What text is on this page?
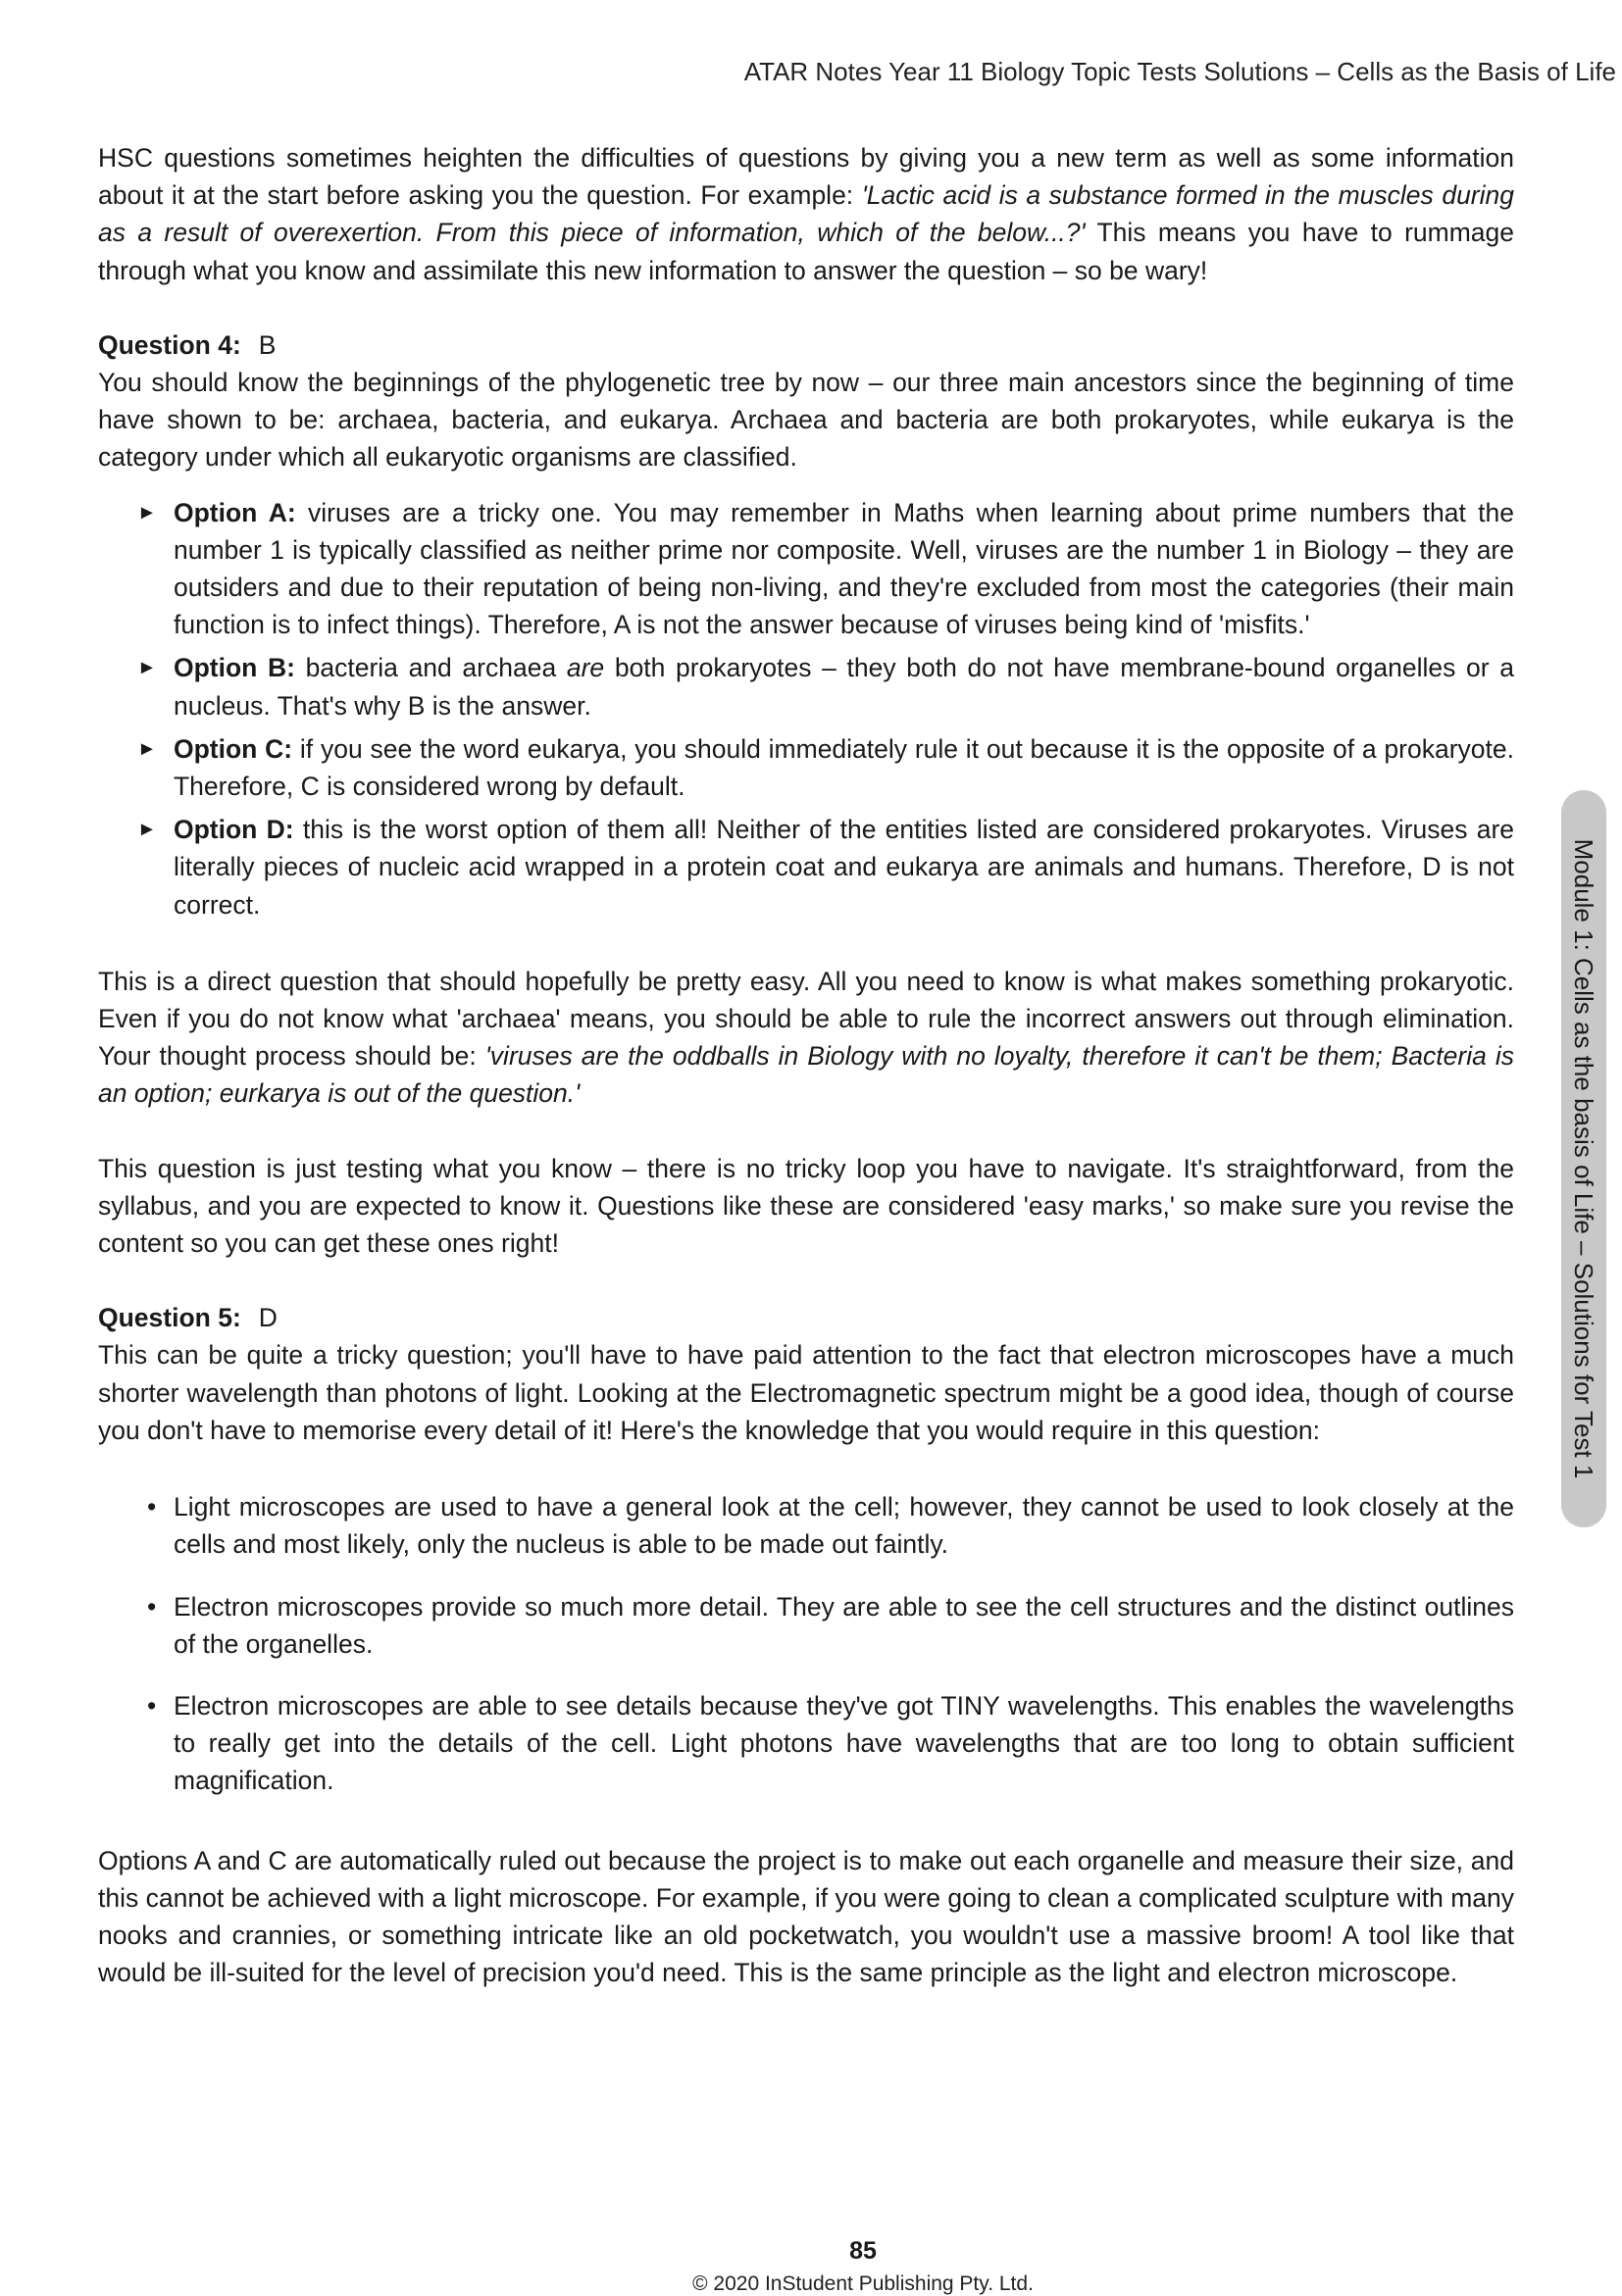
ATAR Notes Year 11 Biology Topic Tests Solutions – Cells as the Basis of Life

HSC questions sometimes heighten the difficulties of questions by giving you a new term as well as some information about it at the start before asking you the question. For example: 'Lactic acid is a substance formed in the muscles during as a result of overexertion. From this piece of information, which of the below...?' This means you have to rummage through what you know and assimilate this new information to answer the question – so be wary!

Question 4: B

You should know the beginnings of the phylogenetic tree by now – our three main ancestors since the beginning of time have shown to be: archaea, bacteria, and eukarya. Archaea and bacteria are both prokaryotes, while eukarya is the category under which all eukaryotic organisms are classified.

► Option A: viruses are a tricky one. You may remember in Maths when learning about prime numbers that the number 1 is typically classified as neither prime nor composite. Well, viruses are the number 1 in Biology – they are outsiders and due to their reputation of being non-living, and they're excluded from most the categories (their main function is to infect things). Therefore, A is not the answer because of viruses being kind of 'misfits.'
► Option B: bacteria and archaea are both prokaryotes – they both do not have membrane-bound organelles or a nucleus. That's why B is the answer.
► Option C: if you see the word eukarya, you should immediately rule it out because it is the opposite of a prokaryote. Therefore, C is considered wrong by default.
► Option D: this is the worst option of them all! Neither of the entities listed are considered prokaryotes. Viruses are literally pieces of nucleic acid wrapped in a protein coat and eukarya are animals and humans. Therefore, D is not correct.

This is a direct question that should hopefully be pretty easy. All you need to know is what makes something prokaryotic. Even if you do not know what 'archaea' means, you should be able to rule the incorrect answers out through elimination. Your thought process should be: 'viruses are the oddballs in Biology with no loyalty, therefore it can't be them; Bacteria is an option; eurkarya is out of the question.'

This question is just testing what you know – there is no tricky loop you have to navigate. It's straightforward, from the syllabus, and you are expected to know it. Questions like these are considered 'easy marks,' so make sure you revise the content so you can get these ones right!

Question 5: D

This can be quite a tricky question; you'll have to have paid attention to the fact that electron microscopes have a much shorter wavelength than photons of light. Looking at the Electromagnetic spectrum might be a good idea, though of course you don't have to memorise every detail of it! Here's the knowledge that you would require in this question:

• Light microscopes are used to have a general look at the cell; however, they cannot be used to look closely at the cells and most likely, only the nucleus is able to be made out faintly.
• Electron microscopes provide so much more detail. They are able to see the cell structures and the distinct outlines of the organelles.
• Electron microscopes are able to see details because they've got TINY wavelengths. This enables the wavelengths to really get into the details of the cell. Light photons have wavelengths that are too long to obtain sufficient magnification.

Options A and C are automatically ruled out because the project is to make out each organelle and measure their size, and this cannot be achieved with a light microscope. For example, if you were going to clean a complicated sculpture with many nooks and crannies, or something intricate like an old pocketwatch, you wouldn't use a massive broom! A tool like that would be ill-suited for the level of precision you'd need. This is the same principle as the light and electron microscope.

Module 1: Cells as the basis of Life – Solutions for Test 1
85
© 2020 InStudent Publishing Pty. Ltd.
